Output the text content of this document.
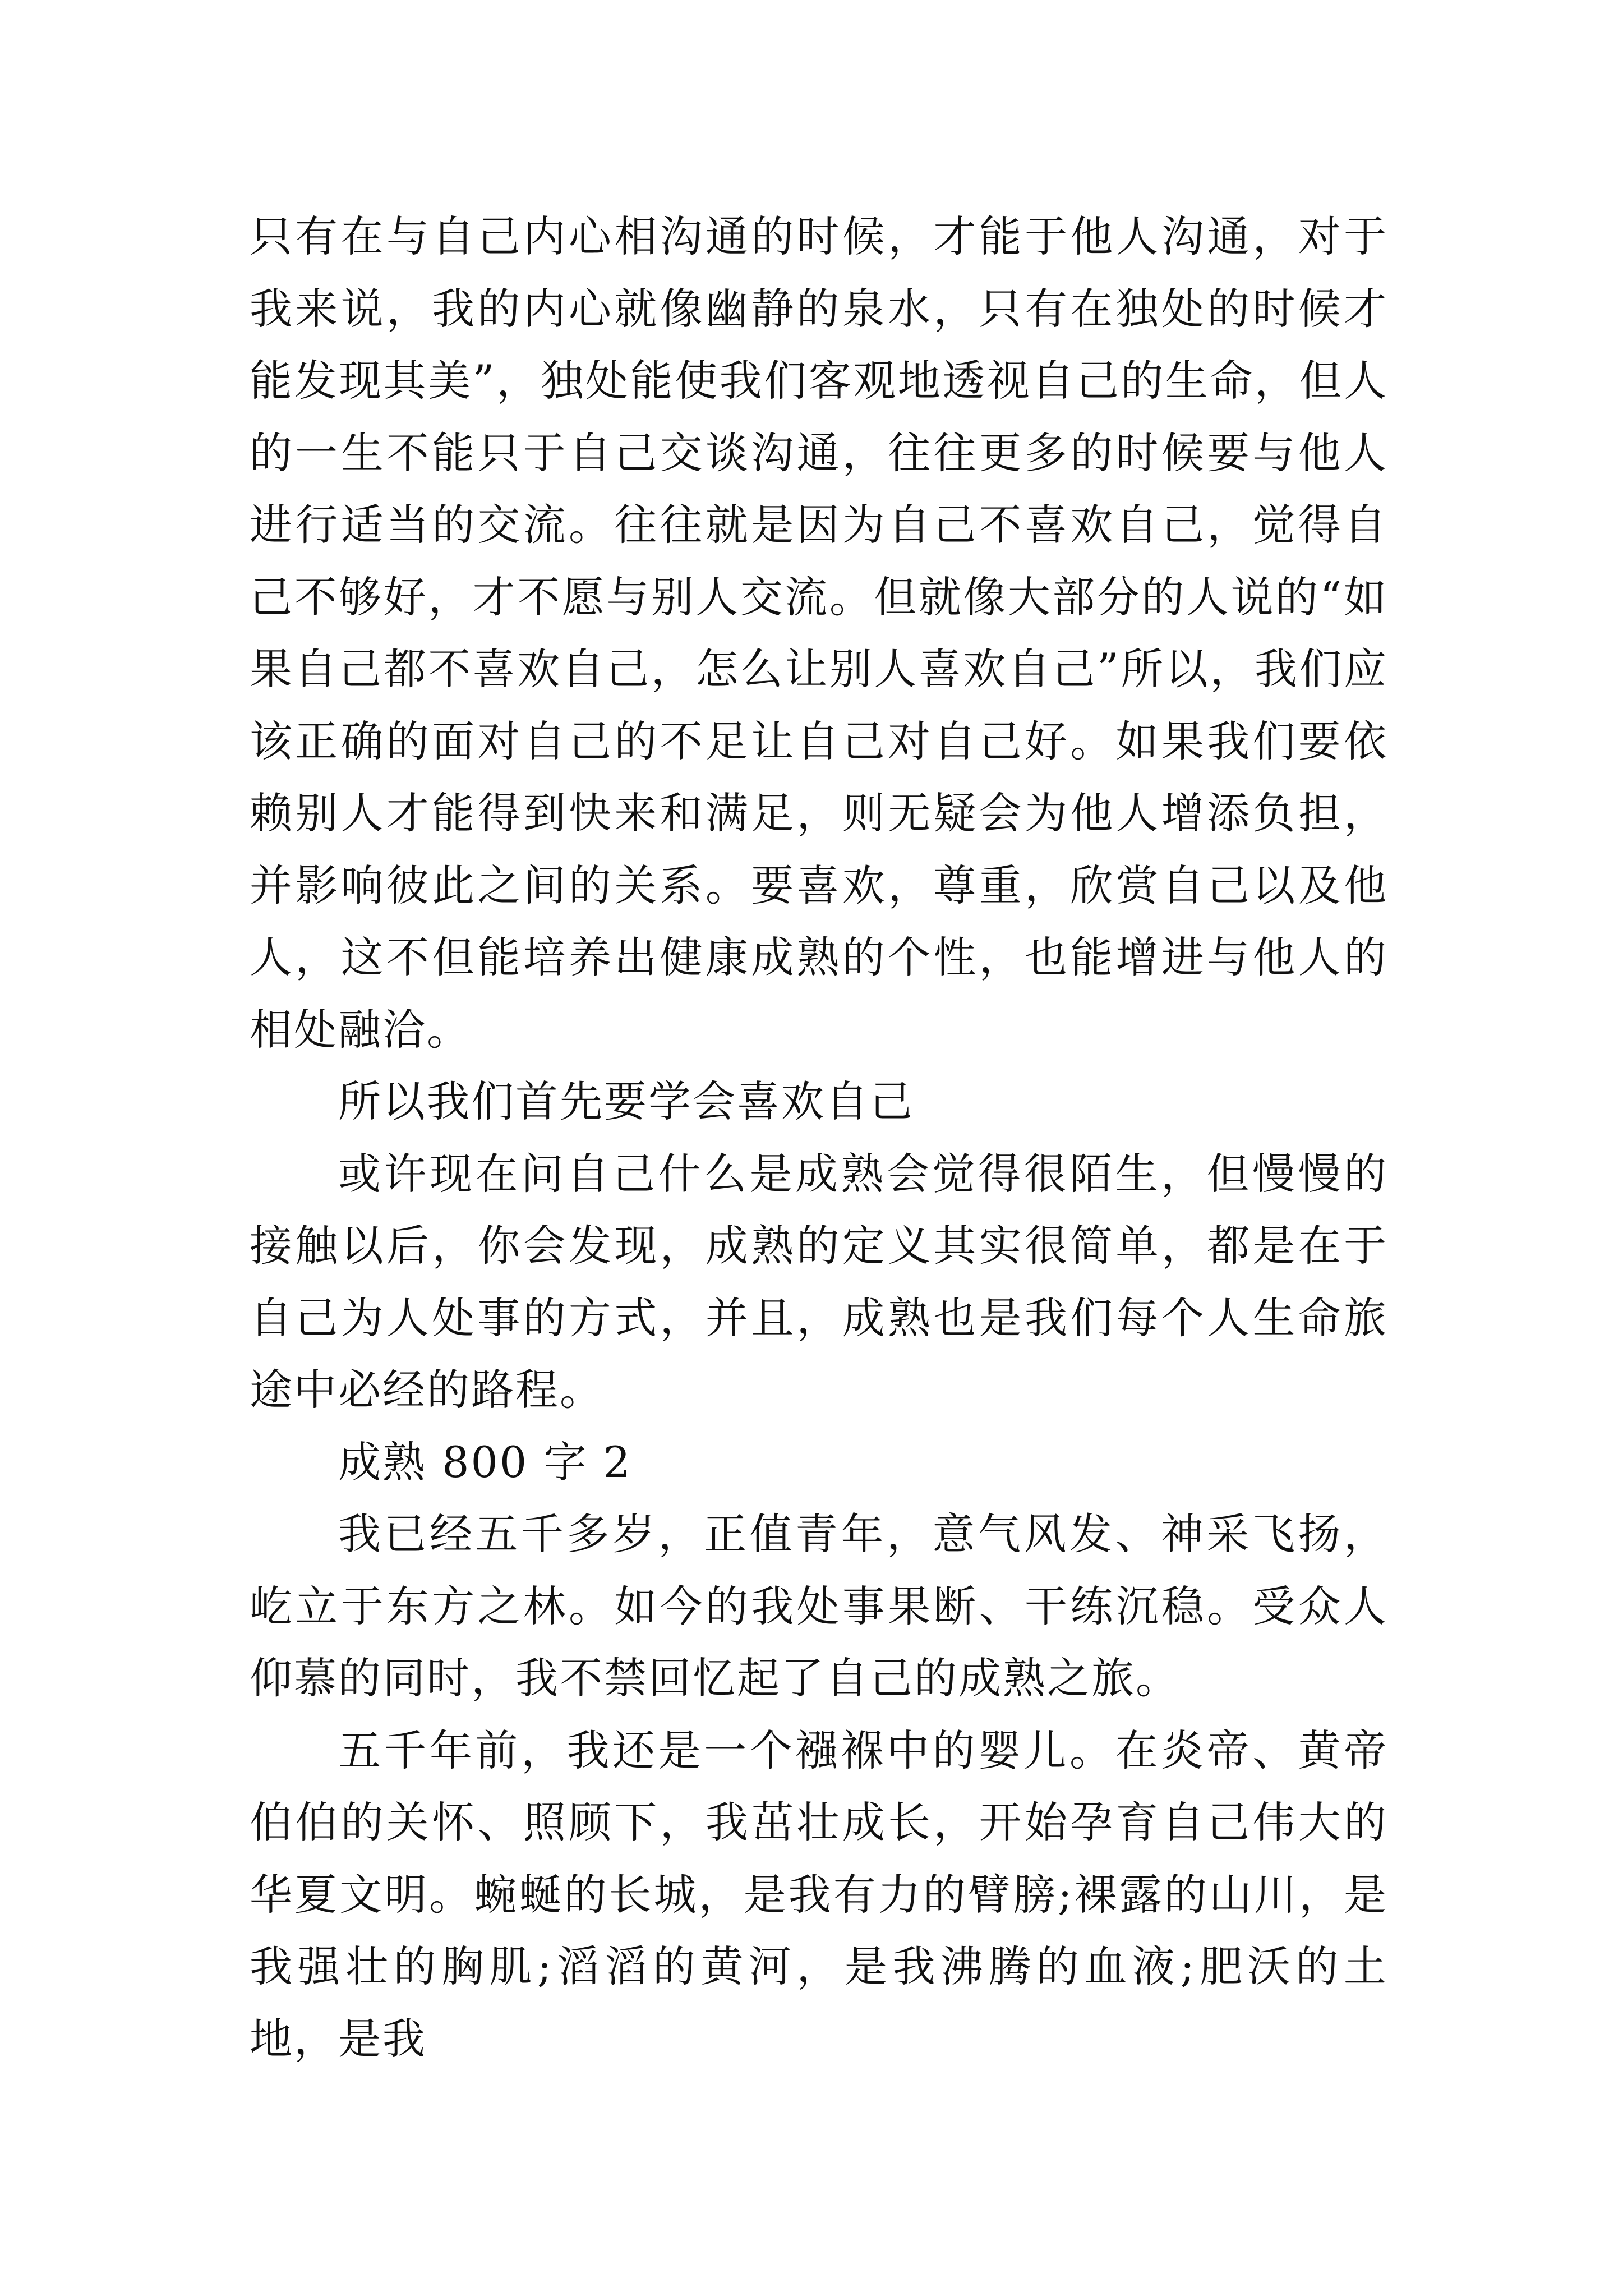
只有在与自己内心相沟通的时候，才能于他人沟通，对于我来说，我的内心就像幽静的泉水，只有在独处的时候才能发现其美”，独处能使我们客观地透视自己的生命，但人的一生不能只于自己交谈沟通，往往更多的时候要与他人进行适当的交流。往往就是因为自己不喜欢自己，觉得自己不够好，才不愿与别人交流。但就像大部分的人说的“如果自己都不喜欢自己，怎么让别人喜欢自己”所以，我们应该正确的面对自己的不足让自己对自己好。如果我们要依赖别人才能得到快来和满足，则无疑会为他人增添负担，并影响彼此之间的关系。要喜欢，尊重，欣赏自己以及他人，这不但能培养出健康成熟的个性，也能增进与他人的相处融洽。

所以我们首先要学会喜欢自己

或许现在问自己什么是成熟会觉得很陌生，但慢慢的接触以后，你会发现，成熟的定义其实很简单，都是在于自己为人处事的方式，并且，成熟也是我们每个人生命旅途中必经的路程。

成熟 800 字 2

我已经五千多岁，正值青年，意气风发、神采飞扬，屹立于东方之林。如今的我处事果断、干练沉稳。受众人仰慕的同时，我不禁回忆起了自己的成熟之旅。

五千年前，我还是一个襁褓中的婴儿。在炎帝、黄帝伯伯的关怀、照顾下，我茁壮成长，开始孕育自己伟大的华夏文明。蜿蜒的长城，是我有力的臂膀;裸露的山川，是我强壮的胸肌;滔滔的黄河，是我沸腾的血液;肥沃的土地，是我
